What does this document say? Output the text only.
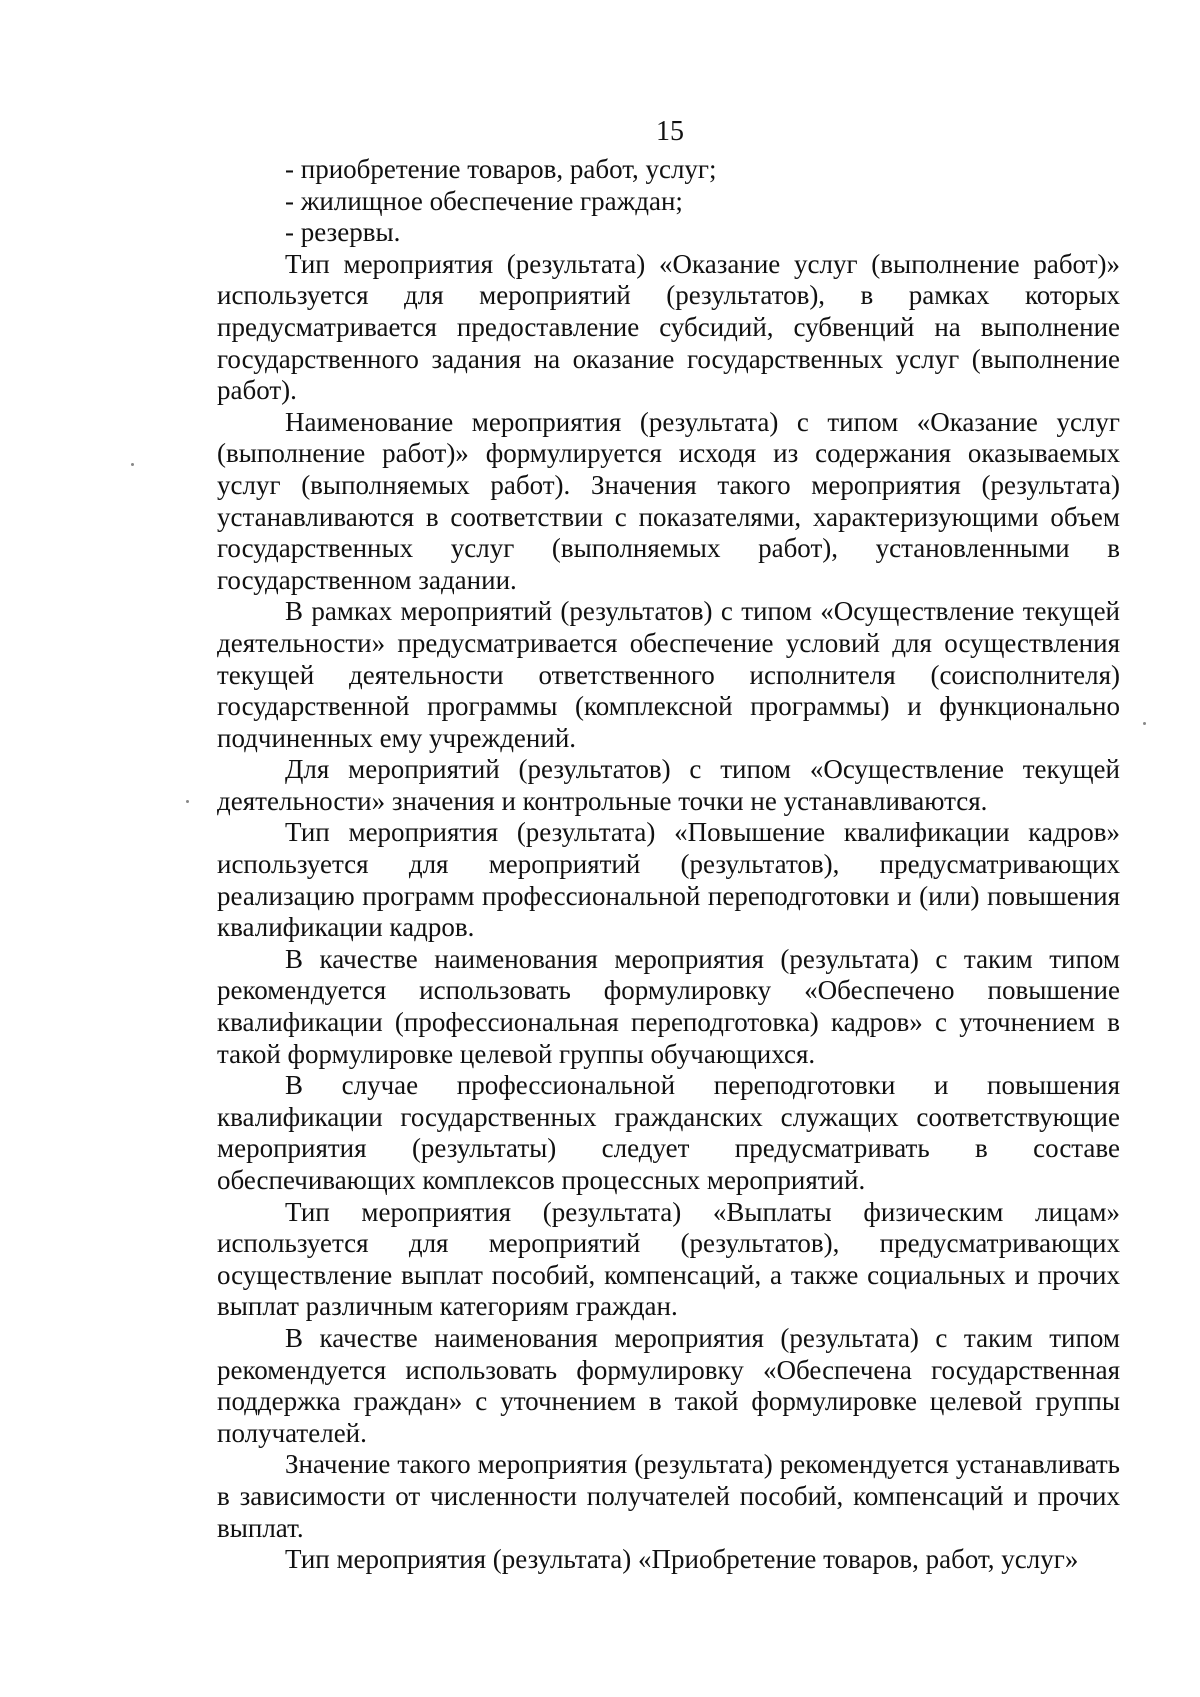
15
- приобретение товаров, работ, услуг;
- жилищное обеспечение граждан;
- резервы.

Тип мероприятия (результата) «Оказание услуг (выполнение работ)» используется для мероприятий (результатов), в рамках которых предусматривается предоставление субсидий, субвенций на выполнение государственного задания на оказание государственных услуг (выполнение работ).

Наименование мероприятия (результата) с типом «Оказание услуг (выполнение работ)» формулируется исходя из содержания оказываемых услуг (выполняемых работ). Значения такого мероприятия (результата) устанавливаются в соответствии с показателями, характеризующими объем государственных услуг (выполняемых работ), установленными в государственном задании.

В рамках мероприятий (результатов) с типом «Осуществление текущей деятельности» предусматривается обеспечение условий для осуществления текущей деятельности ответственного исполнителя (соисполнителя) государственной программы (комплексной программы) и функционально подчиненных ему учреждений.

Для мероприятий (результатов) с типом «Осуществление текущей деятельности» значения и контрольные точки не устанавливаются.

Тип мероприятия (результата) «Повышение квалификации кадров» используется для мероприятий (результатов), предусматривающих реализацию программ профессиональной переподготовки и (или) повышения квалификации кадров.

В качестве наименования мероприятия (результата) с таким типом рекомендуется использовать формулировку «Обеспечено повышение квалификации (профессиональная переподготовка) кадров» с уточнением в такой формулировке целевой группы обучающихся.

В случае профессиональной переподготовки и повышения квалификации государственных гражданских служащих соответствующие мероприятия (результаты) следует предусматривать в составе обеспечивающих комплексов процессных мероприятий.

Тип мероприятия (результата) «Выплаты физическим лицам» используется для мероприятий (результатов), предусматривающих осуществление выплат пособий, компенсаций, а также социальных и прочих выплат различным категориям граждан.

В качестве наименования мероприятия (результата) с таким типом рекомендуется использовать формулировку «Обеспечена государственная поддержка граждан» с уточнением в такой формулировке целевой группы получателей.

Значение такого мероприятия (результата) рекомендуется устанавливать в зависимости от численности получателей пособий, компенсаций и прочих выплат.

Тип мероприятия (результата) «Приобретение товаров, работ, услуг»
